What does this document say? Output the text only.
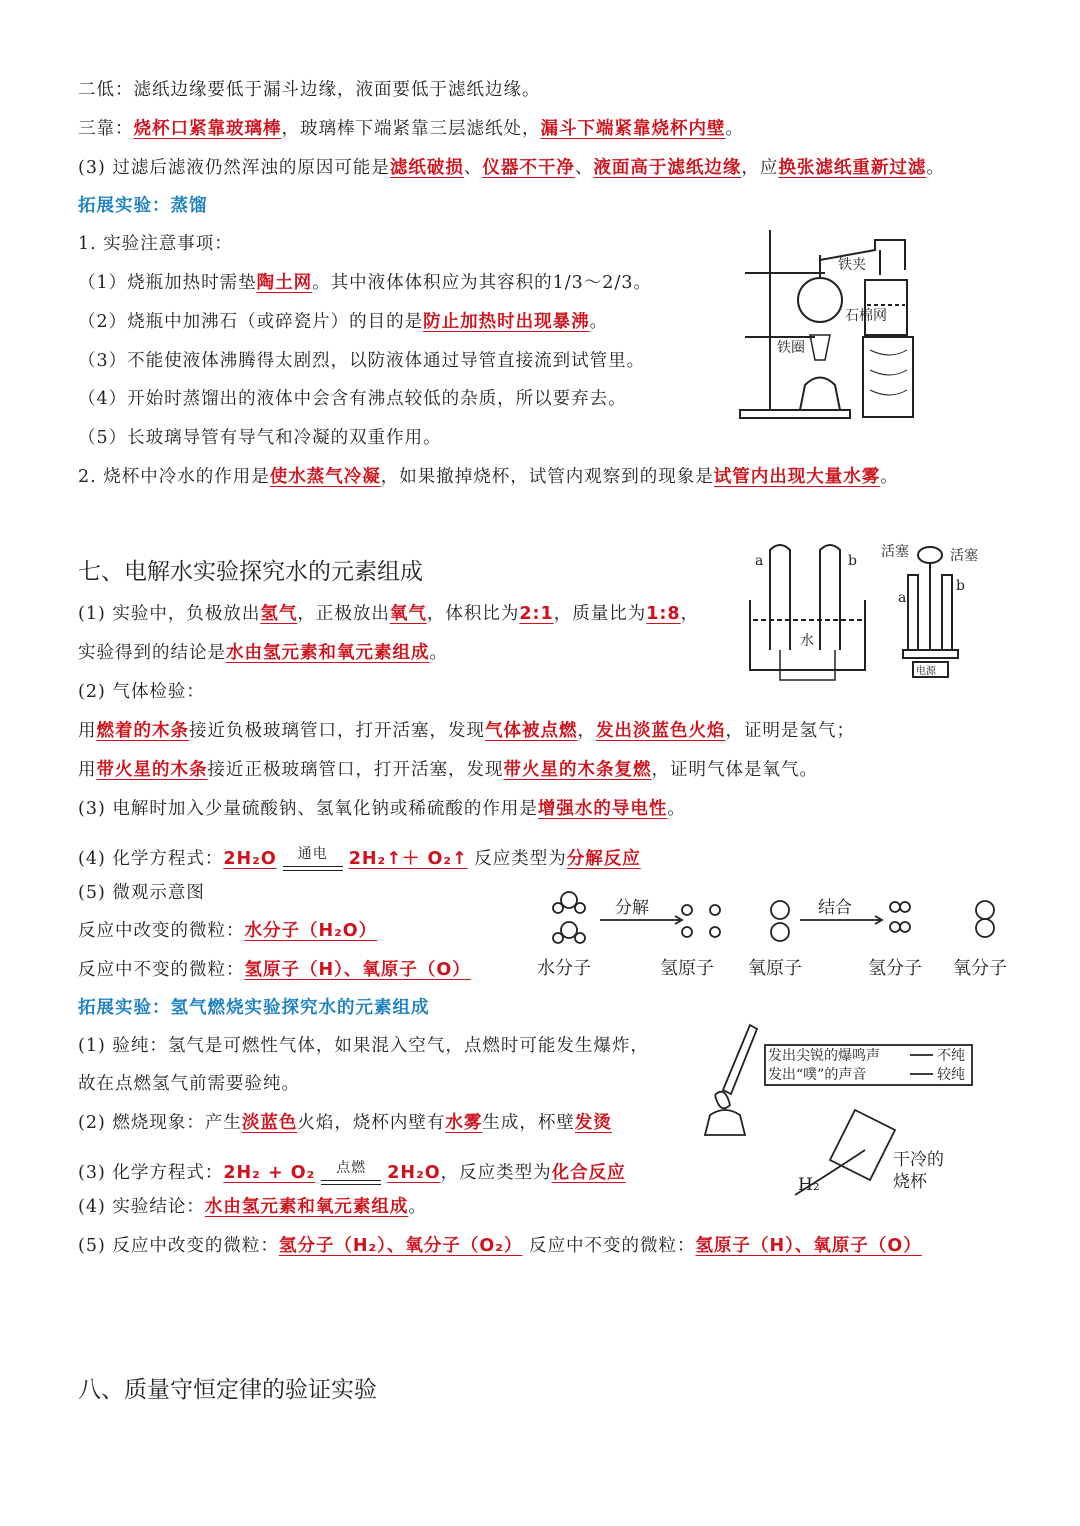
二低：滤纸边缘要低于漏斗边缘，液面要低于滤纸边缘。
三靠：烧杯口紧靠玻璃棒，玻璃棒下端紧靠三层滤纸处，漏斗下端紧靠烧杯内壁。
(3) 过滤后滤液仍然浑浊的原因可能是滤纸破损、仪器不干净、液面高于滤纸边缘，应换张滤纸重新过滤。
拓展实验：蒸馏
1. 实验注意事项：
（1）烧瓶加热时需垫陶土网。其中液体体积应为其容积的1/3～2/3。
（2）烧瓶中加沸石（或碎瓷片）的目的是防止加热时出现暴沸。
（3）不能使液体沸腾得太剧烈，以防液体通过导管直接流到试管里。
（4）开始时蒸馏出的液体中会含有沸点较低的杂质，所以要弃去。
（5）长玻璃导管有导气和冷凝的双重作用。
2. 烧杯中冷水的作用是使水蒸气冷凝，如果撤掉烧杯，试管内观察到的现象是试管内出现大量水雾。
(1) 实验中，负极放出氢气，正极放出氧气，体积比为2:1，质量比为1:8，
实验得到的结论是水由氢元素和氧元素组成。
(2) 气体检验：
用燃着的木条接近负极玻璃管口，打开活塞，发现气体被点燃，发出淡蓝色火焰，证明是氢气；
用带火星的木条接近正极玻璃管口，打开活塞，发现带火星的木条复燃，证明气体是氧气。
(3) 电解时加入少量硫酸钠、氢氧化钠或稀硫酸的作用是增强水的导电性。
(4) 化学方程式：2H₂O 通电 2H₂↑＋ O₂↑ 反应类型为分解反应
(5) 微观示意图
反应中改变的微粒：水分子（H₂O）
反应中不变的微粒：氢原子（H）、氧原子（O）
拓展实验：氢气燃烧实验探究水的元素组成
(1) 验纯：氢气是可燃性气体，如果混入空气，点燃时可能发生爆炸，
故在点燃氢气前需要验纯。
(2) 燃烧现象：产生淡蓝色火焰，烧杯内壁有水雾生成，杯壁发烫
(3) 化学方程式：2H₂ + O₂ 点燃 2H₂O，反应类型为化合反应
(4) 实验结论：水由氢元素和氧元素组成。
(5) 反应中改变的微粒：氢分子（H₂）、氧分子（O₂） 反应中不变的微粒：氢原子（H）、氧原子（O）
七、电解水实验探究水的元素组成
八、质量守恒定律的验证实验
铁夹
石棉网
铁圈
a	b
水
活塞	活塞
a
b
电源
分解	结合
水分子	氢原子 氧原子	氢分子 氧分子
发出尖锐的爆鸣声	不纯
发出“噗”的声音	较纯
H₂
干冷的
烧杯
